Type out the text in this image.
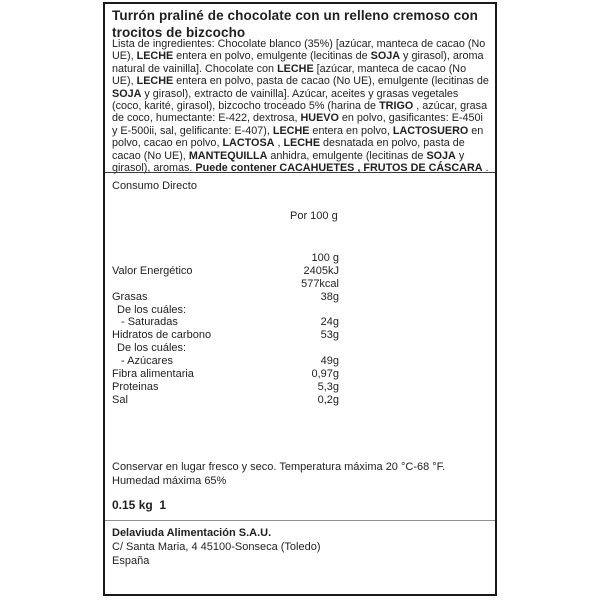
Turrón praliné de chocolate con un relleno cremoso con trocitos de bizcocho
Lista de ingredientes: Chocolate blanco (35%) [azúcar, manteca de cacao (No UE), LECHE entera en polvo, emulgente (lecitinas de SOJA y girasol), aroma natural de vainilla]. Chocolate con LECHE [azúcar, manteca de cacao (No UE), LECHE entera en polvo, pasta de cacao (No UE), emulgente (lecitinas de SOJA y girasol), extracto de vainilla]. Azúcar, aceites y grasas vegetales (coco, karité, girasol), bizcocho troceado 5% (harina de TRIGO , azúcar, grasa de coco, humectante: E-422, dextrosa, HUEVO en polvo, gasificantes: E-450i y E-500ii, sal, gelificante: E-407), LECHE entera en polvo, LACTOSUERO en polvo, cacao en polvo, LACTOSA , LECHE desnatada en polvo, pasta de cacao (No UE), MANTEQUILLA anhidra, emulgente (lecitinas de SOJA y girasol), aromas. Puede contener CACAHUETES , FRUTOS DE CÁSCARA .
Consumo Directo
Por 100 g
100 g
2405kJ
Valor Energético
577kcal
38g
Grasas
De los cuáles:
24g
- Saturadas
53g
Hidratos de carbono
De los cuáles:
49g
- Azúcares
0,97g
Fibra alimentaria
5,3g
Proteinas
0,2g
Sal
Conservar en lugar fresco y seco. Temperatura máxima 20 °C-68 °F. Humedad máxima 65%
0.15 kg  1
Delaviuda Alimentación S.A.U.
C/ Santa Maria, 4 45100-Sonseca (Toledo)
España
